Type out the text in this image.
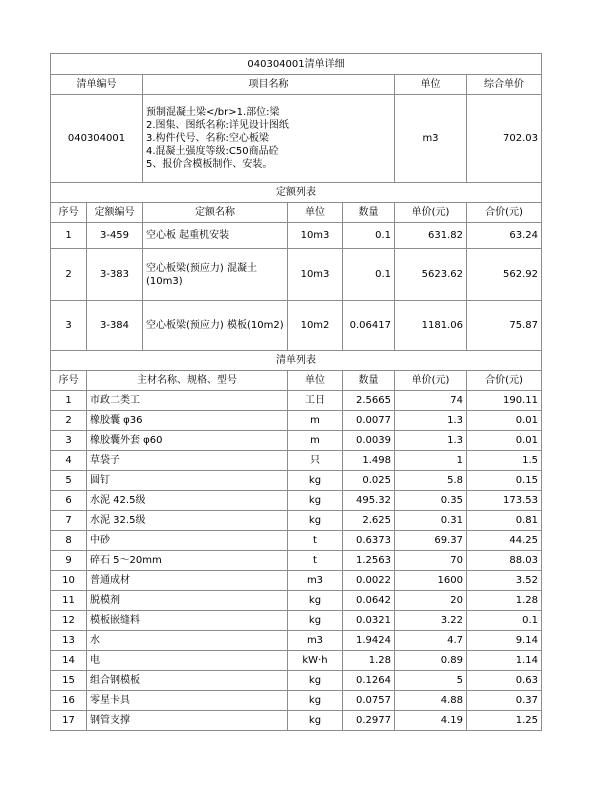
040304001清单详细						
清单编号		项目名称			单位	综合单价
040304001		预制混凝土梁</br>1.部位:梁
2.图集、图纸名称:详见设计图纸
3.构件代号、名称:空心板梁
4.混凝土强度等级:C50商品砼
5、报价含模板制作、安装。			m3	702.03
定额列表						
序号	定额编号	定额名称	单位	数量	单价(元)	合价(元)
1	3-459	空心板 起重机安装	10m3	0.1	631.82	63.24
2	3-383	空心板梁(预应力) 混凝土(10m3)	10m3	0.1	5623.62	562.92
3	3-384	空心板梁(预应力) 模板(10m2)	10m2	0.06417	1181.06	75.87
清单列表						
序号	主材名称、规格、型号		单位	数量	单价(元)	合价(元)
1	市政二类工		工日	2.5665	74	190.11
2	橡胶囊 φ36		m	0.0077	1.3	0.01
3	橡胶囊外套 φ60		m	0.0039	1.3	0.01
4	草袋子		只	1.498	1	1.5
5	圆钉		kg	0.025	5.8	0.15
6	水泥 42.5级		kg	495.32	0.35	173.53
7	水泥 32.5级		kg	2.625	0.31	0.81
8	中砂		t	0.6373	69.37	44.25
9	碎石 5～20mm		t	1.2563	70	88.03
10	普通成材		m3	0.0022	1600	3.52
11	脱模剂		kg	0.0642	20	1.28
12	模板嵌缝料		kg	0.0321	3.22	0.1
13	水		m3	1.9424	4.7	9.14
14	电		kW·h	1.28	0.89	1.14
15	组合钢模板		kg	0.1264	5	0.63
16	零星卡具		kg	0.0757	4.88	0.37
17	钢管支撑		kg	0.2977	4.19	1.25
